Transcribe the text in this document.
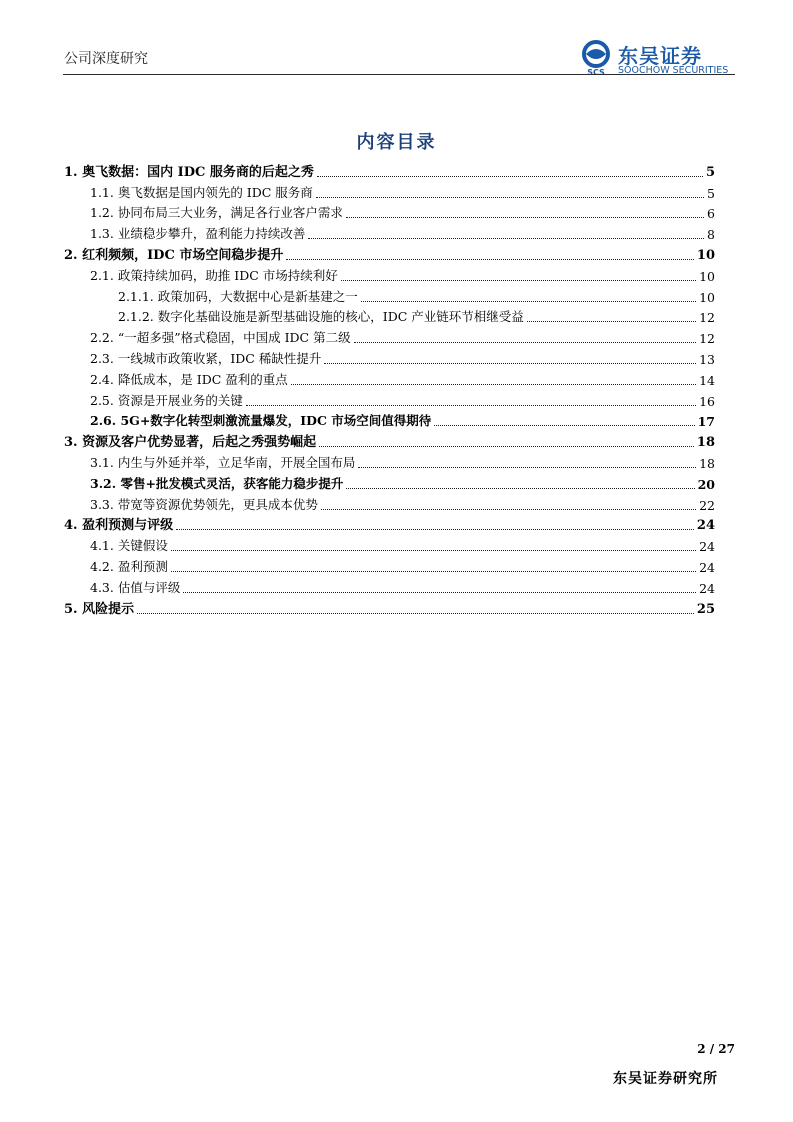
公司深度研究
SCS
东吴证券
SOOCHOW SECURITIES
内容目录
1. 奥飞数据：国内 IDC 服务商的后起之秀	5
1.1. 奥飞数据是国内领先的 IDC 服务商	5
1.2. 协同布局三大业务，满足各行业客户需求	6
1.3. 业绩稳步攀升，盈利能力持续改善	8
2. 红利频频，IDC 市场空间稳步提升	10
2.1. 政策持续加码，助推 IDC 市场持续利好	10
2.1.1. 政策加码，大数据中心是新基建之一	10
2.1.2. 数字化基础设施是新型基础设施的核心，IDC 产业链环节相继受益	12
2.2. “一超多强”格式稳固，中国成 IDC 第二级	12
2.3. 一线城市政策收紧，IDC 稀缺性提升	13
2.4. 降低成本，是 IDC 盈利的重点	14
2.5. 资源是开展业务的关键	16
2.6. 5G+数字化转型刺激流量爆发，IDC 市场空间值得期待	17
3. 资源及客户优势显著，后起之秀强势崛起	18
3.1. 内生与外延并举，立足华南，开展全国布局	18
3.2. 零售+批发模式灵活，获客能力稳步提升	20
3.3. 带宽等资源优势领先，更具成本优势	22
4. 盈利预测与评级	24
4.1. 关键假设	24
4.2. 盈利预测	24
4.3. 估值与评级	24
5. 风险提示	25
2 / 27
东吴证券研究所
